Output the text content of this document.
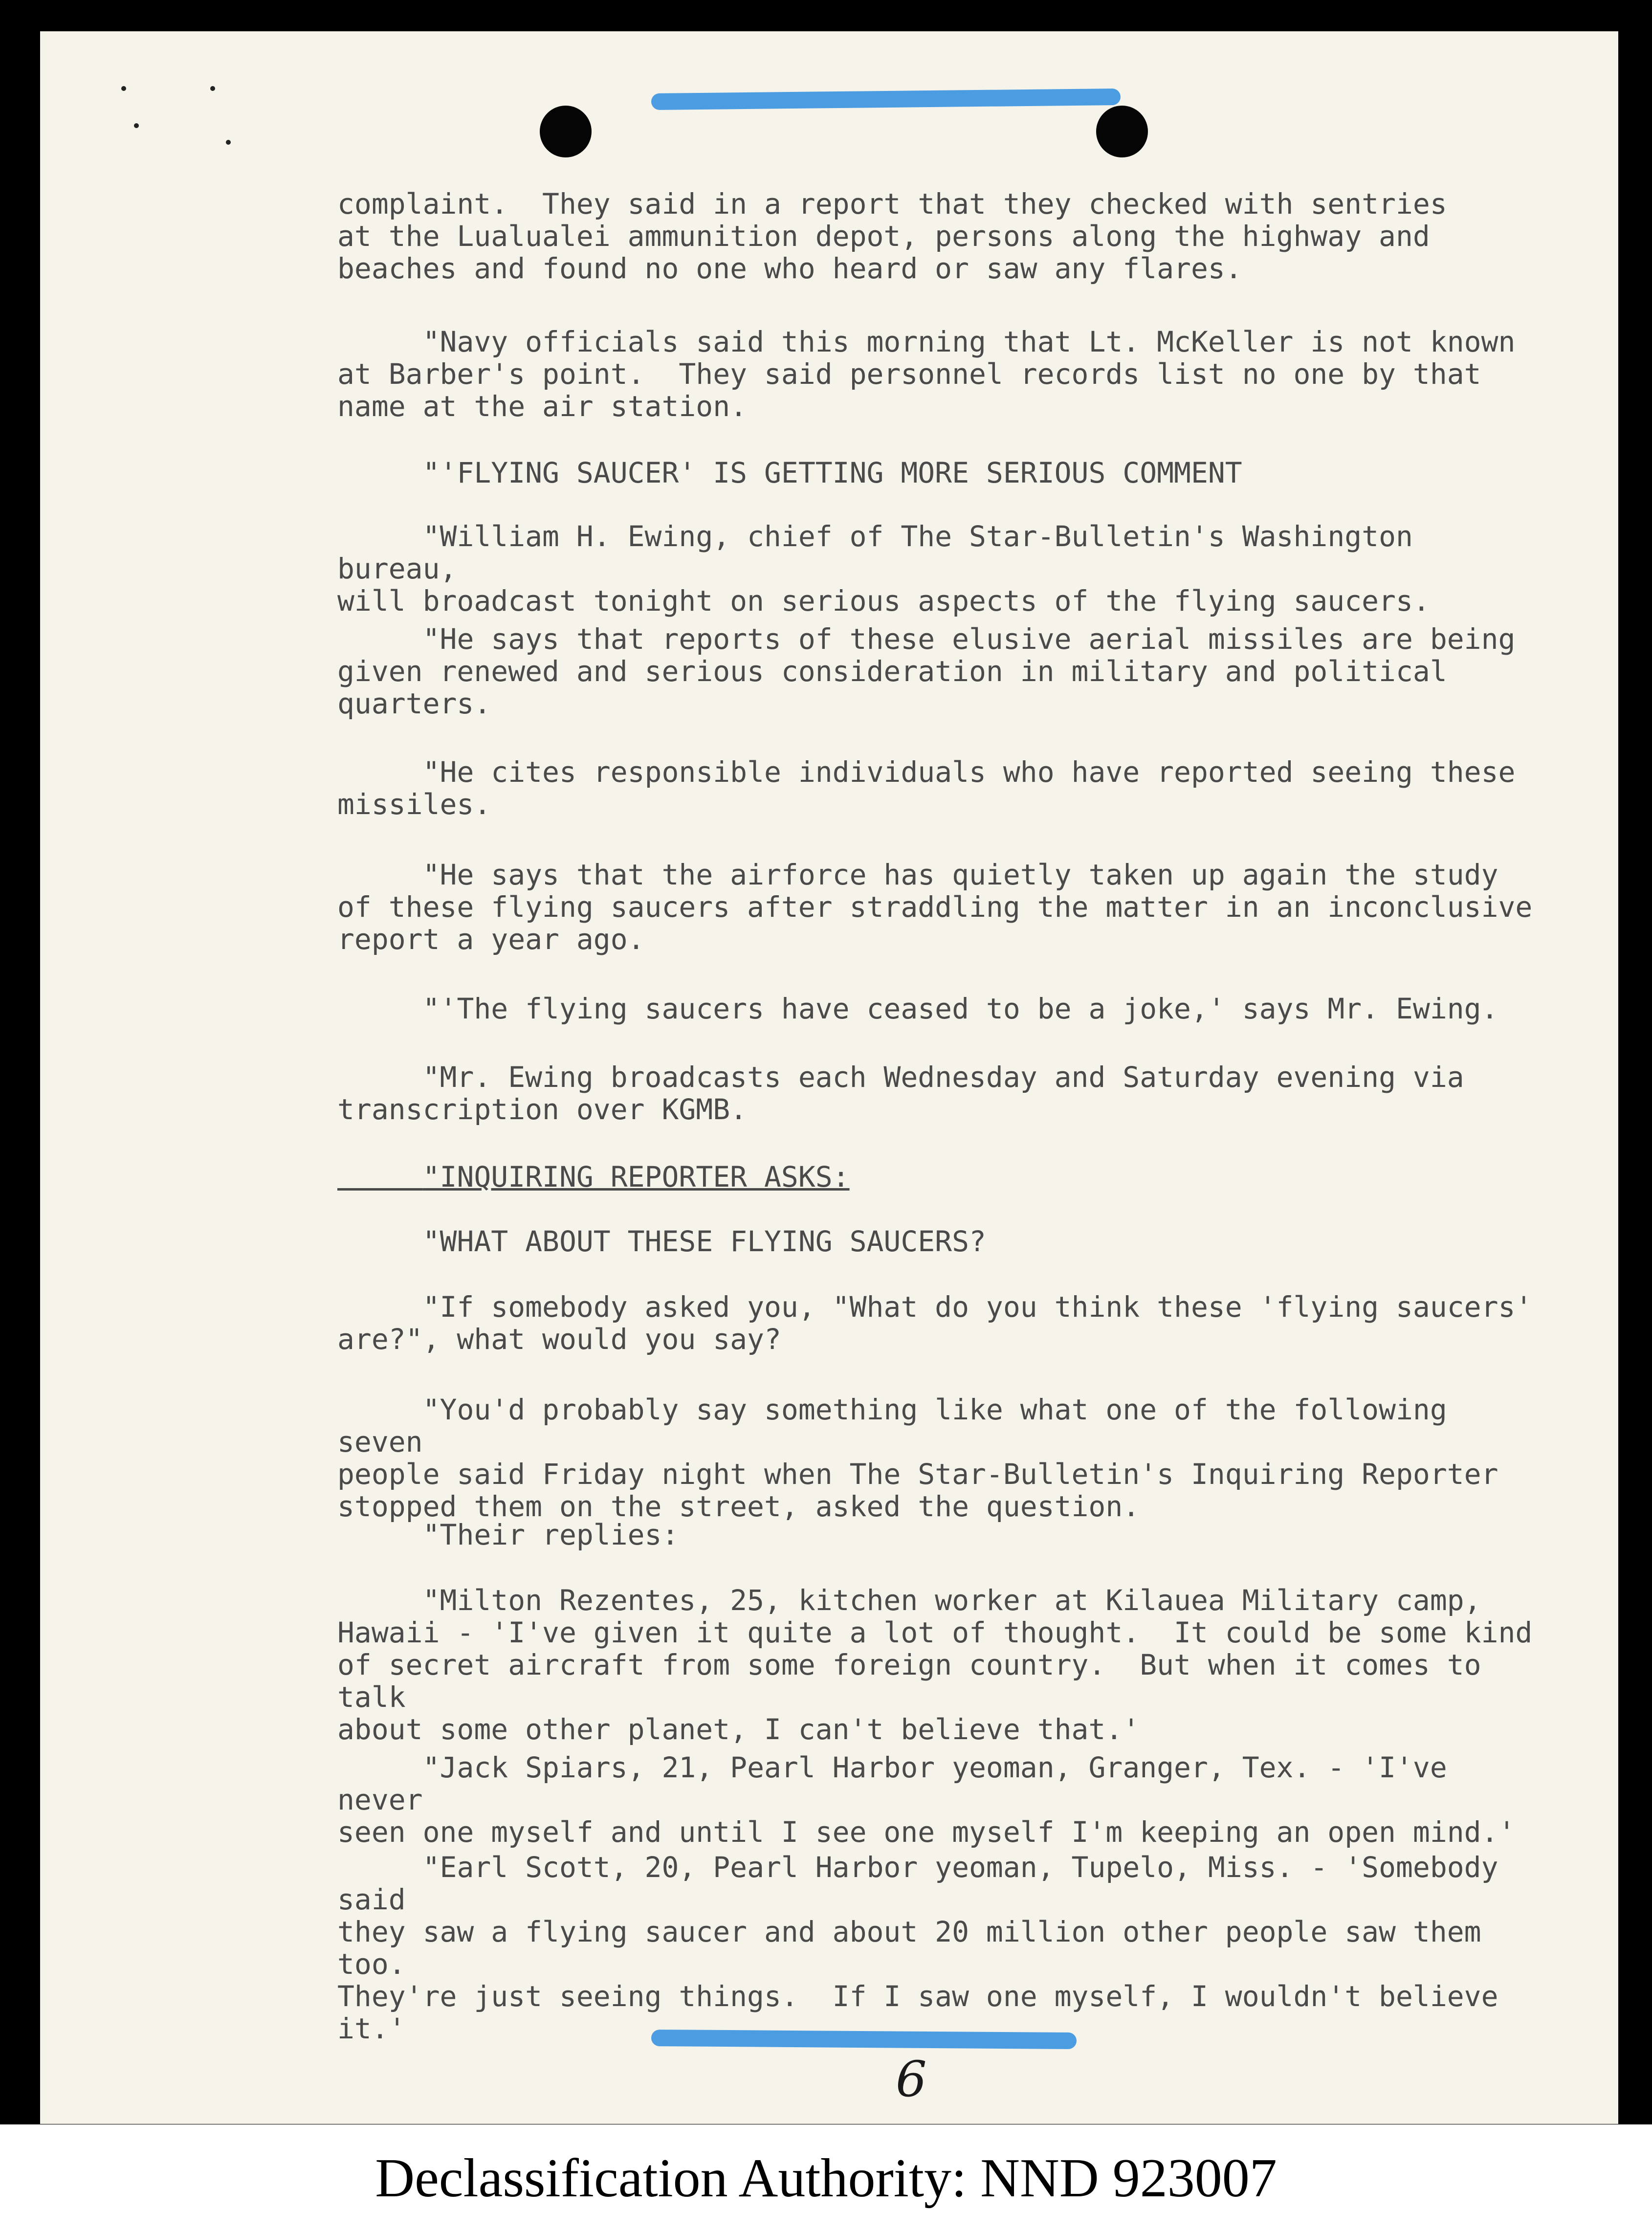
6
complaint.  They said in a report that they checked with sentries
at the Lualualei ammunition depot, persons along the highway and
beaches and found no one who heard or saw any flares.
"Navy officials said this morning that Lt. McKeller is not known
at Barber's point.  They said personnel records list no one by that
name at the air station.
"'FLYING SAUCER' IS GETTING MORE SERIOUS COMMENT
"William H. Ewing, chief of The Star-Bulletin's Washington bureau,
will broadcast tonight on serious aspects of the flying saucers.
"He says that reports of these elusive aerial missiles are being
given renewed and serious consideration in military and political
quarters.
"He cites responsible individuals who have reported seeing these
missiles.
"He says that the airforce has quietly taken up again the study
of these flying saucers after straddling the matter in an inconclusive
report a year ago.
"'The flying saucers have ceased to be a joke,' says Mr. Ewing.
"Mr. Ewing broadcasts each Wednesday and Saturday evening via
transcription over KGMB.
"INQUIRING REPORTER ASKS:
"WHAT ABOUT THESE FLYING SAUCERS?
"If somebody asked you, "What do you think these 'flying saucers'
are?", what would you say?
"You'd probably say something like what one of the following seven
people said Friday night when The Star-Bulletin's Inquiring Reporter
stopped them on the street, asked the question.
"Their replies:
"Milton Rezentes, 25, kitchen worker at Kilauea Military camp,
Hawaii - 'I've given it quite a lot of thought.  It could be some kind
of secret aircraft from some foreign country.  But when it comes to talk
about some other planet, I can't believe that.'
"Jack Spiars, 21, Pearl Harbor yeoman, Granger, Tex. - 'I've never
seen one myself and until I see one myself I'm keeping an open mind.'
"Earl Scott, 20, Pearl Harbor yeoman, Tupelo, Miss. - 'Somebody said
they saw a flying saucer and about 20 million other people saw them too.
They're just seeing things.  If I saw one myself, I wouldn't believe it.'
Declassification Authority: NND 923007
